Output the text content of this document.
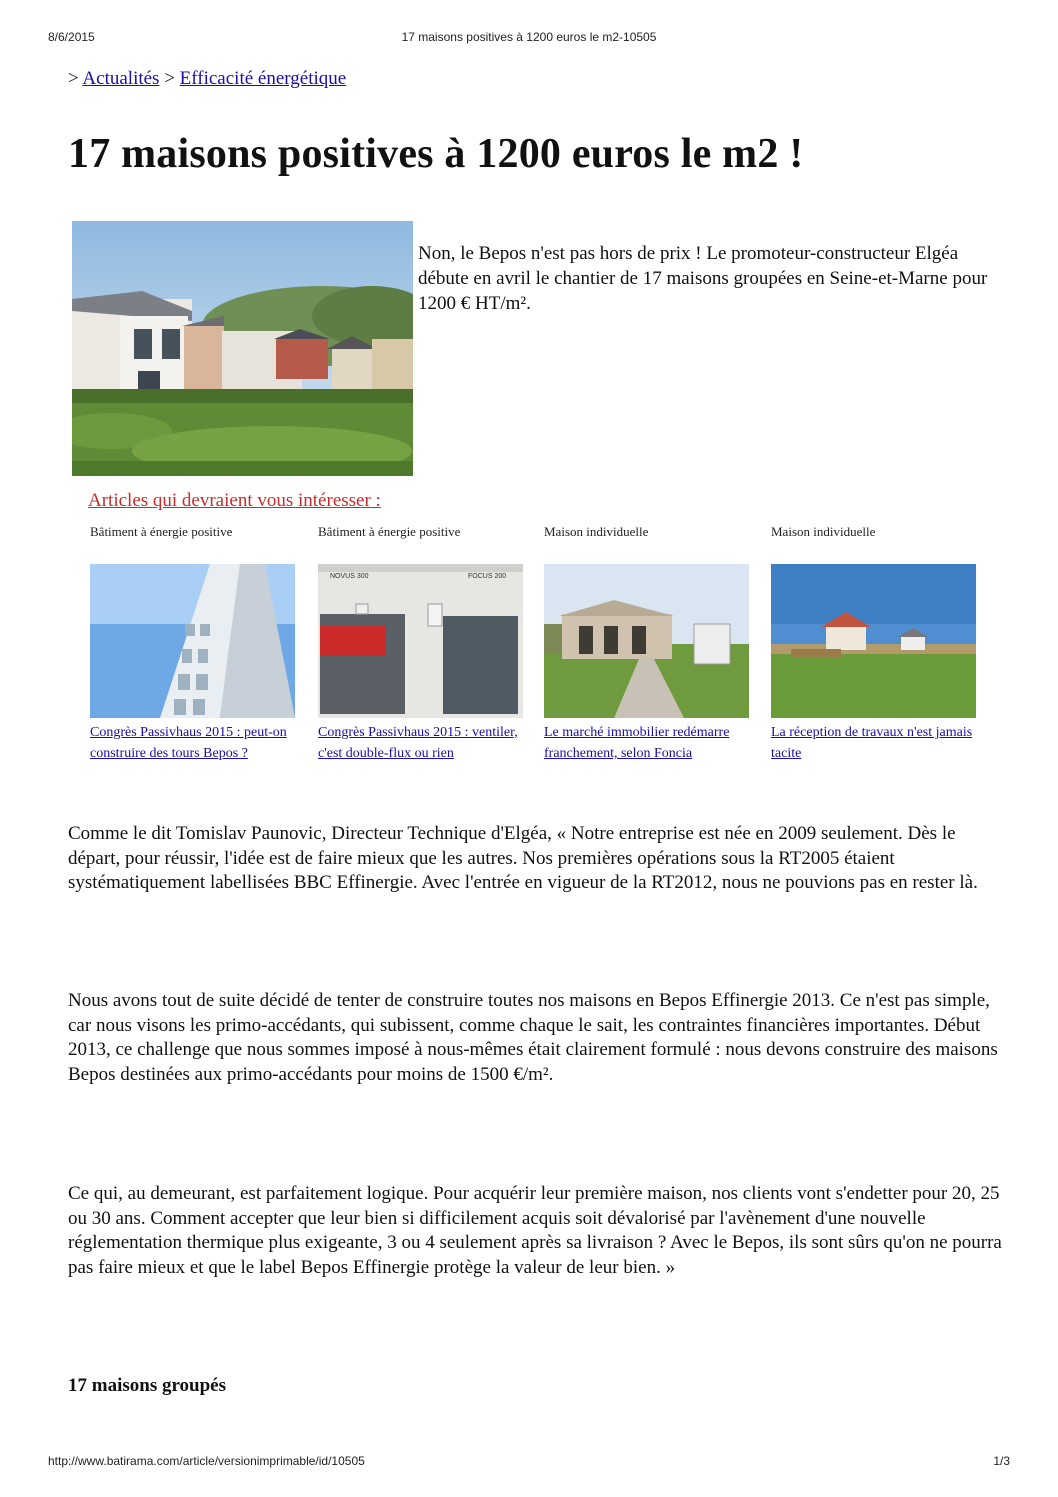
8/6/2015	17 maisons positives à 1200 euros le m2-10505
> Actualités > Efficacité énergétique
17 maisons positives à 1200 euros le m2 !

Non, le Bepos n'est pas hors de prix ! Le promoteur-constructeur Elgéa débute en avril le chantier de 17 maisons groupées en Seine-et-Marne pour 1200 € HT/m².

Articles qui devraient vous intéresser :
Bâtiment à énergie positive
Congrès Passivhaus 2015 : peut-on construire des tours Bepos ?
Bâtiment à énergie positive
NOVUS 300	FOCUS 200
Congrès Passivhaus 2015 : ventiler, c'est double-flux ou rien
Maison individuelle
Le marché immobilier redémarre franchement, selon Foncia
Maison individuelle
La réception de travaux n'est jamais tacite

Comme le dit Tomislav Paunovic, Directeur Technique d'Elgéa, « Notre entreprise est née en 2009 seulement. Dès le départ, pour réussir, l'idée est de faire mieux que les autres. Nos premières opérations sous la RT2005 étaient systématiquement labellisées BBC Effinergie. Avec l'entrée en vigueur de la RT2012, nous ne pouvions pas en rester là.

Nous avons tout de suite décidé de tenter de construire toutes nos maisons en Bepos Effinergie 2013. Ce n'est pas simple, car nous visons les primo-accédants, qui subissent, comme chaque le sait, les contraintes financières importantes. Début 2013, ce challenge que nous sommes imposé à nous-mêmes était clairement formulé : nous devons construire des maisons Bepos destinées aux primo-accédants pour moins de 1500 €/m².

Ce qui, au demeurant, est parfaitement logique. Pour acquérir leur première maison, nos clients vont s'endetter pour 20, 25 ou 30 ans. Comment accepter que leur bien si difficilement acquis soit dévalorisé par l'avènement d'une nouvelle réglementation thermique plus exigeante, 3 ou 4 seulement après sa livraison ? Avec le Bepos, ils sont sûrs qu'on ne pourra pas faire mieux et que le label Bepos Effinergie protège la valeur de leur bien. »

17 maisons groupés
http://www.batirama.com/article/versionimprimable/id/10505	1/3
